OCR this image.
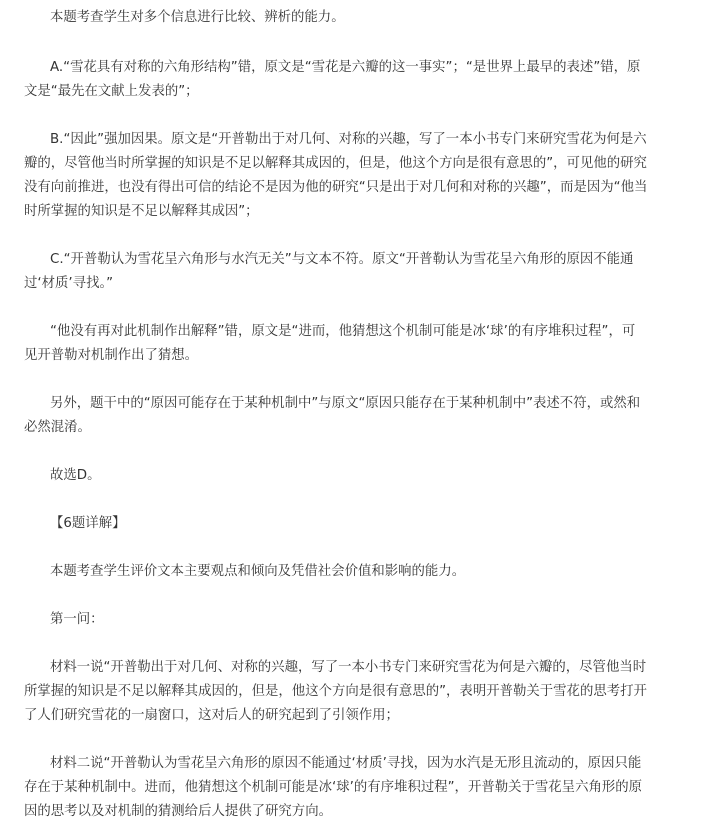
本题考查学生对多个信息进行比较、辨析的能力。

A.“雪花具有对称的六角形结构”错，原文是“雪花是六瓣的这一事实”；“是世界上最早的表述”错，原文是“最先在文献上发表的”；

B.“因此”强加因果。原文是“开普勒出于对几何、对称的兴趣，写了一本小书专门来研究雪花为何是六瓣的，尽管他当时所掌握的知识是不足以解释其成因的，但是，他这个方向是很有意思的”，可见他的研究没有向前推进，也没有得出可信的结论不是因为他的研究“只是出于对几何和对称的兴趣”，而是因为“他当时所掌握的知识是不足以解释其成因”；

C.“开普勒认为雪花呈六角形与水汽无关”与文本不符。原文“开普勒认为雪花呈六角形的原因不能通过‘材质’寻找。”

“他没有再对此机制作出解释”错，原文是“进而，他猜想这个机制可能是冰‘球’的有序堆积过程”，可见开普勒对机制作出了猜想。

另外，题干中的“原因可能存在于某种机制中”与原文“原因只能存在于某种机制中”表述不符，或然和必然混淆。

故选D。

【6题详解】

本题考查学生评价文本主要观点和倾向及凭借社会价值和影响的能力。

第一问：

材料一说“开普勒出于对几何、对称的兴趣，写了一本小书专门来研究雪花为何是六瓣的，尽管他当时所掌握的知识是不足以解释其成因的，但是，他这个方向是很有意思的”，表明开普勒关于雪花的思考打开了人们研究雪花的一扇窗口，这对后人的研究起到了引领作用；

材料二说“开普勒认为雪花呈六角形的原因不能通过‘材质’寻找，因为水汽是无形且流动的，原因只能存在于某种机制中。进而，他猜想这个机制可能是冰‘球’的有序堆积过程”，开普勒关于雪花呈六角形的原因的思考以及对机制的猜测给后人提供了研究方向。
